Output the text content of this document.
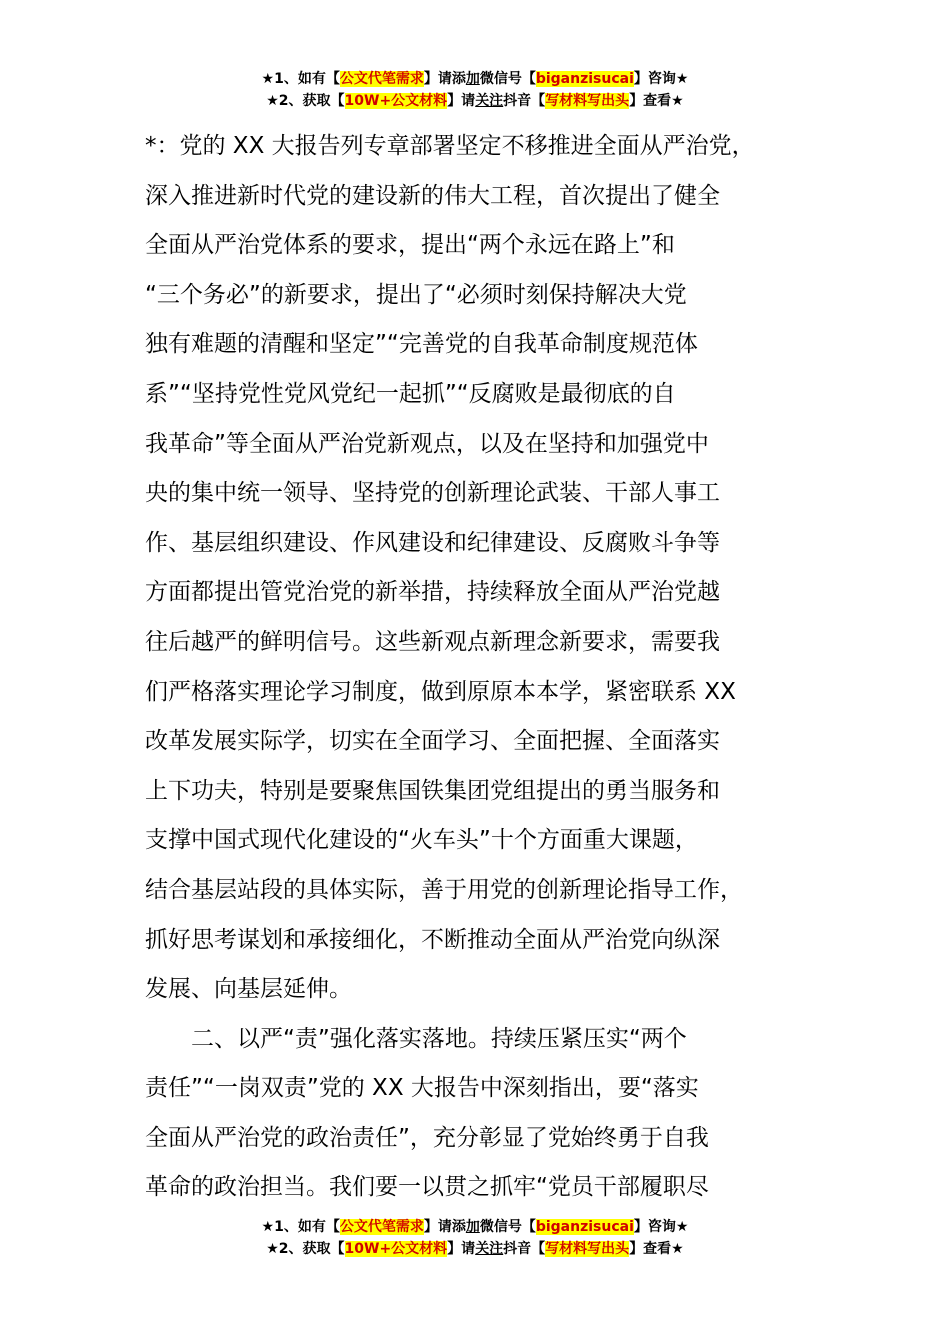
★1、如有【公文代笔需求】请添加微信号【biganzisucai】咨询★
★2、获取【10W+公文材料】请关注抖音【写材料写出头】查看★

*：党的 XX 大报告列专章部署坚定不移推进全面从严治党，

深入推进新时代党的建设新的伟大工程，首次提出了健全

全面从严治党体系的要求，提出“两个永远在路上”和

“三个务必”的新要求，提出了“必须时刻保持解决大党

独有难题的清醒和坚定”“完善党的自我革命制度规范体

系”“坚持党性党风党纪一起抓”“反腐败是最彻底的自

我革命”等全面从严治党新观点，以及在坚持和加强党中

央的集中统一领导、坚持党的创新理论武装、干部人事工

作、基层组织建设、作风建设和纪律建设、反腐败斗争等

方面都提出管党治党的新举措，持续释放全面从严治党越

往后越严的鲜明信号。这些新观点新理念新要求，需要我

们严格落实理论学习制度，做到原原本本学，紧密联系 XX

改革发展实际学，切实在全面学习、全面把握、全面落实

上下功夫，特别是要聚焦国铁集团党组提出的勇当服务和

支撑中国式现代化建设的“火车头”十个方面重大课题，

结合基层站段的具体实际，善于用党的创新理论指导工作，

抓好思考谋划和承接细化，不断推动全面从严治党向纵深

发展、向基层延伸。

　　二、以严“责”强化落实落地。持续压紧压实“两个

责任”“一岗双责”党的 XX 大报告中深刻指出，要“落实

全面从严治党的政治责任”，充分彰显了党始终勇于自我

革命的政治担当。我们要一以贯之抓牢“党员干部履职尽

★1、如有【公文代笔需求】请添加微信号【biganzisucai】咨询★
★2、获取【10W+公文材料】请关注抖音【写材料写出头】查看★
